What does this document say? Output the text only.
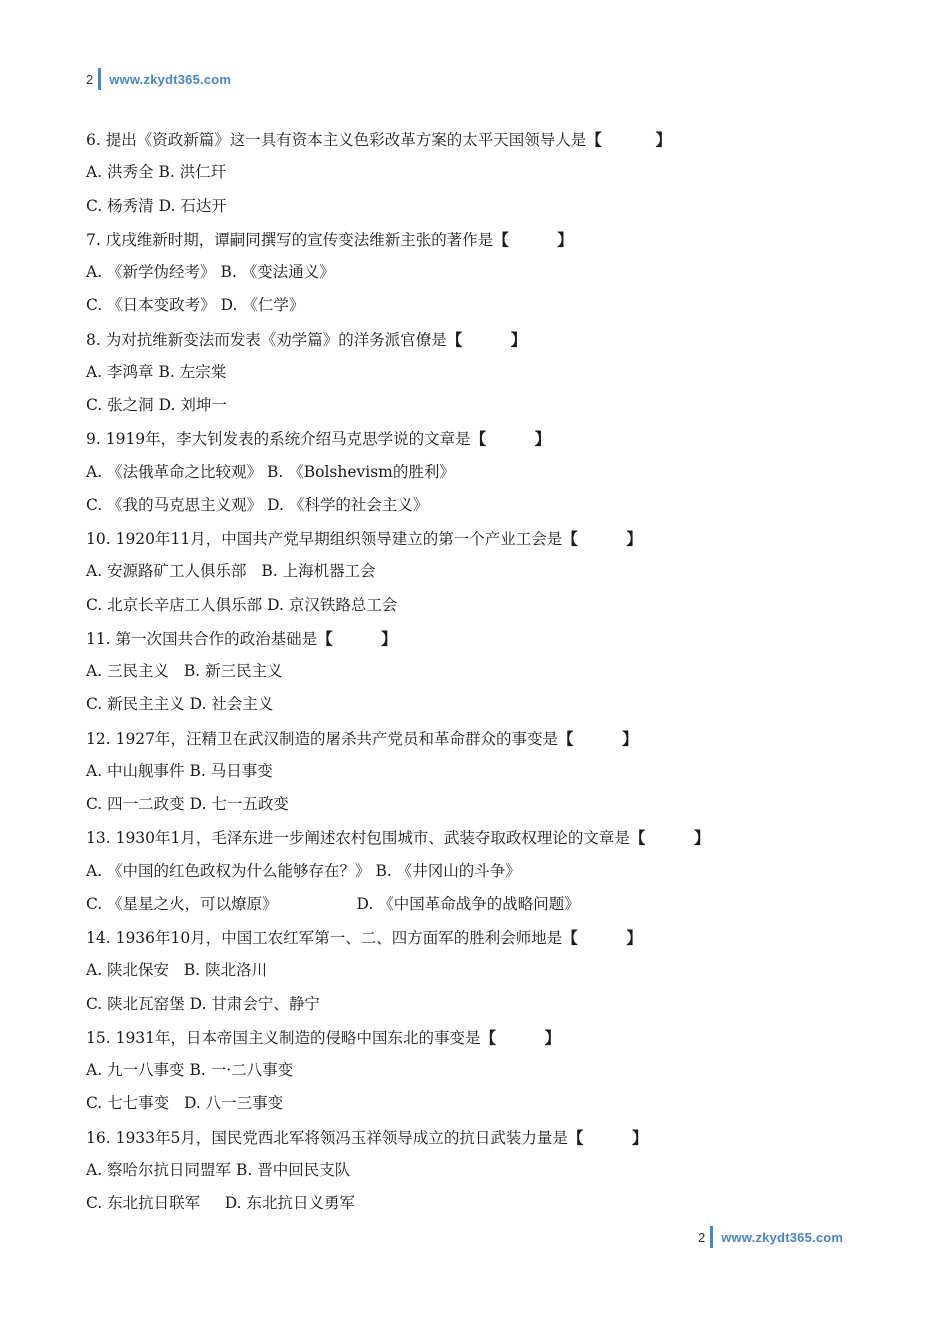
2 www.zkydt365.com
6. 提出《资政新篇》这一具有资本主义色彩改革方案的太平天国领导人是【          】
A. 洪秀全 B. 洪仁玕
C. 杨秀清 D. 石达开
7. 戊戌维新时期，谭嗣同撰写的宣传变法维新主张的著作是【         】
A. 《新学伪经考》 B. 《变法通义》
C. 《日本变政考》 D. 《仁学》
8. 为对抗维新变法而发表《劝学篇》的洋务派官僚是【         】
A. 李鸿章 B. 左宗棠
C. 张之洞 D. 刘坤一
9. 1919年，李大钊发表的系统介绍马克思学说的文章是【         】
A. 《法俄革命之比较观》 B. 《Bolshevism的胜利》
C. 《我的马克思主义观》 D. 《科学的社会主义》
10. 1920年11月，中国共产党早期组织领导建立的第一个产业工会是【         】
A. 安源路矿工人俱乐部   B. 上海机器工会
C. 北京长辛店工人俱乐部 D. 京汉铁路总工会
11. 第一次国共合作的政治基础是【         】
A. 三民主义   B. 新三民主义
C. 新民主主义 D. 社会主义
12. 1927年，汪精卫在武汉制造的屠杀共产党员和革命群众的事变是【         】
A. 中山舰事件 B. 马日事变
C. 四一二政变 D. 七一五政变
13. 1930年1月，毛泽东进一步阐述农村包围城市、武装夺取政权理论的文章是【         】
A. 《中国的红色政权为什么能够存在？》 B. 《井冈山的斗争》
C. 《星星之火，可以燎原》                D. 《中国革命战争的战略问题》
14. 1936年10月，中国工农红军第一、二、四方面军的胜利会师地是【         】
A. 陕北保安   B. 陕北洛川
C. 陕北瓦窑堡 D. 甘肃会宁、静宁
15. 1931年，日本帝国主义制造的侵略中国东北的事变是【         】
A. 九一八事变 B. 一·二八事变
C. 七七事变   D. 八一三事变
16. 1933年5月，国民党西北军将领冯玉祥领导成立的抗日武装力量是【         】
A. 察哈尔抗日同盟军 B. 晋中回民支队
C. 东北抗日联军     D. 东北抗日义勇军
2 www.zkydt365.com
